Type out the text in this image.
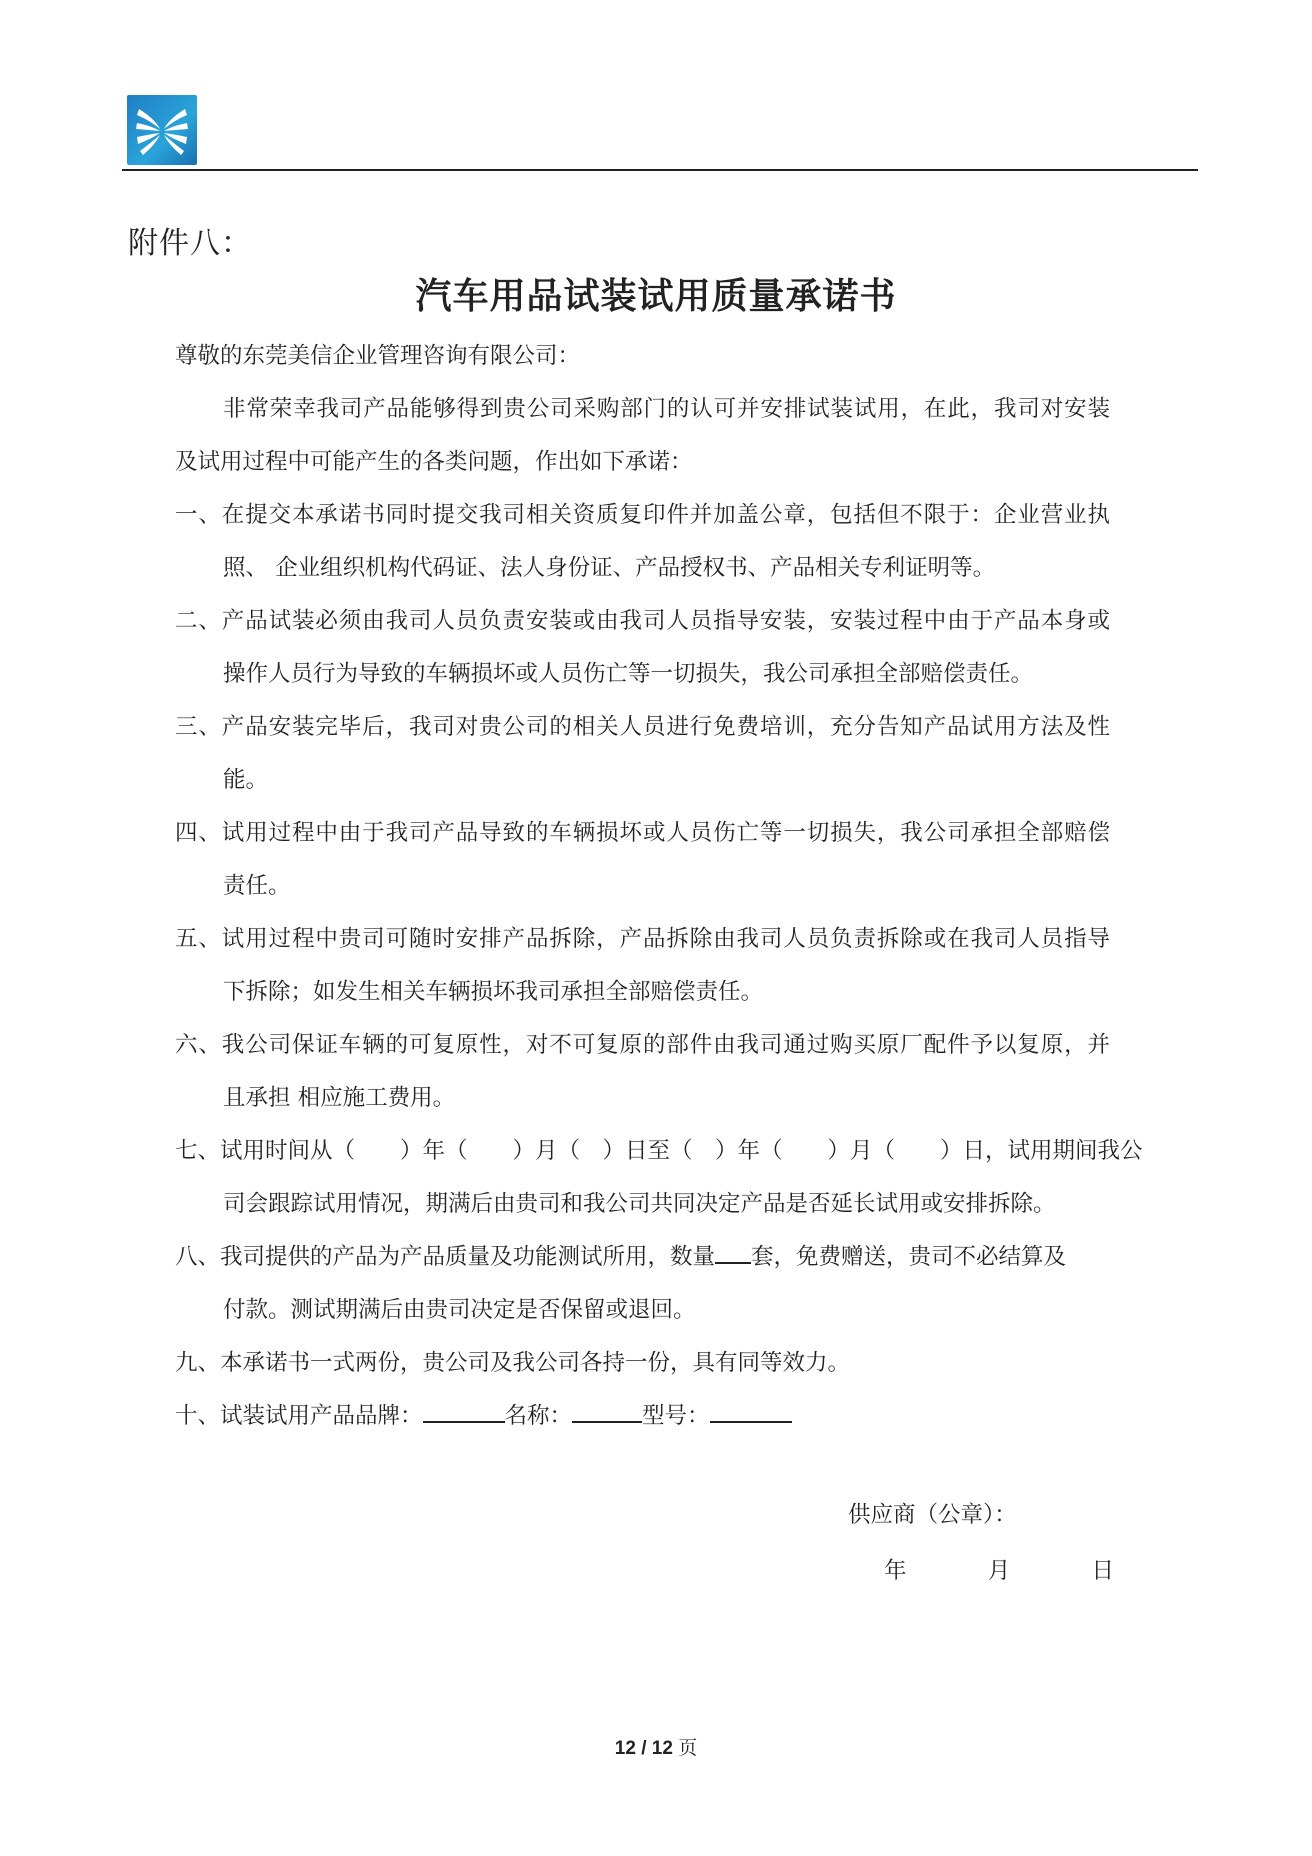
附件八：
汽车用品试装试用质量承诺书
尊敬的东莞美信企业管理咨询有限公司：
非常荣幸我司产品能够得到贵公司采购部门的认可并安排试装试用，在此，我司对安装
及试用过程中可能产生的各类问题，作出如下承诺：
一、在提交本承诺书同时提交我司相关资质复印件并加盖公章，包括但不限于：企业营业执
照、 企业组织机构代码证、法人身份证、产品授权书、产品相关专利证明等。
二、产品试装必须由我司人员负责安装或由我司人员指导安装，安装过程中由于产品本身或
操作人员行为导致的车辆损坏或人员伤亡等一切损失，我公司承担全部赔偿责任。
三、产品安装完毕后，我司对贵公司的相关人员进行免费培训，充分告知产品试用方法及性
能。
四、试用过程中由于我司产品导致的车辆损坏或人员伤亡等一切损失，我公司承担全部赔偿
责任。
五、试用过程中贵司可随时安排产品拆除，产品拆除由我司人员负责拆除或在我司人员指导
下拆除；如发生相关车辆损坏我司承担全部赔偿责任。
六、我公司保证车辆的可复原性，对不可复原的部件由我司通过购买原厂配件予以复原，并
且承担 相应施工费用。
七、试用时间从（　　）年（　　）月（　）日至（　）年（　　）月（　　）日，试用期间我公
司会跟踪试用情况，期满后由贵司和我公司共同决定产品是否延长试用或安排拆除。
八、我司提供的产品为产品质量及功能测试所用，数量 套，免费赠送，贵司不必结算及
付款。测试期满后由贵司决定是否保留或退回。
九、本承诺书一式两份，贵公司及我公司各持一份，具有同等效力。
十、试装试用产品品牌：	名称：	型号：
供应商（公章）：
年	月	日
12 / 12 页
